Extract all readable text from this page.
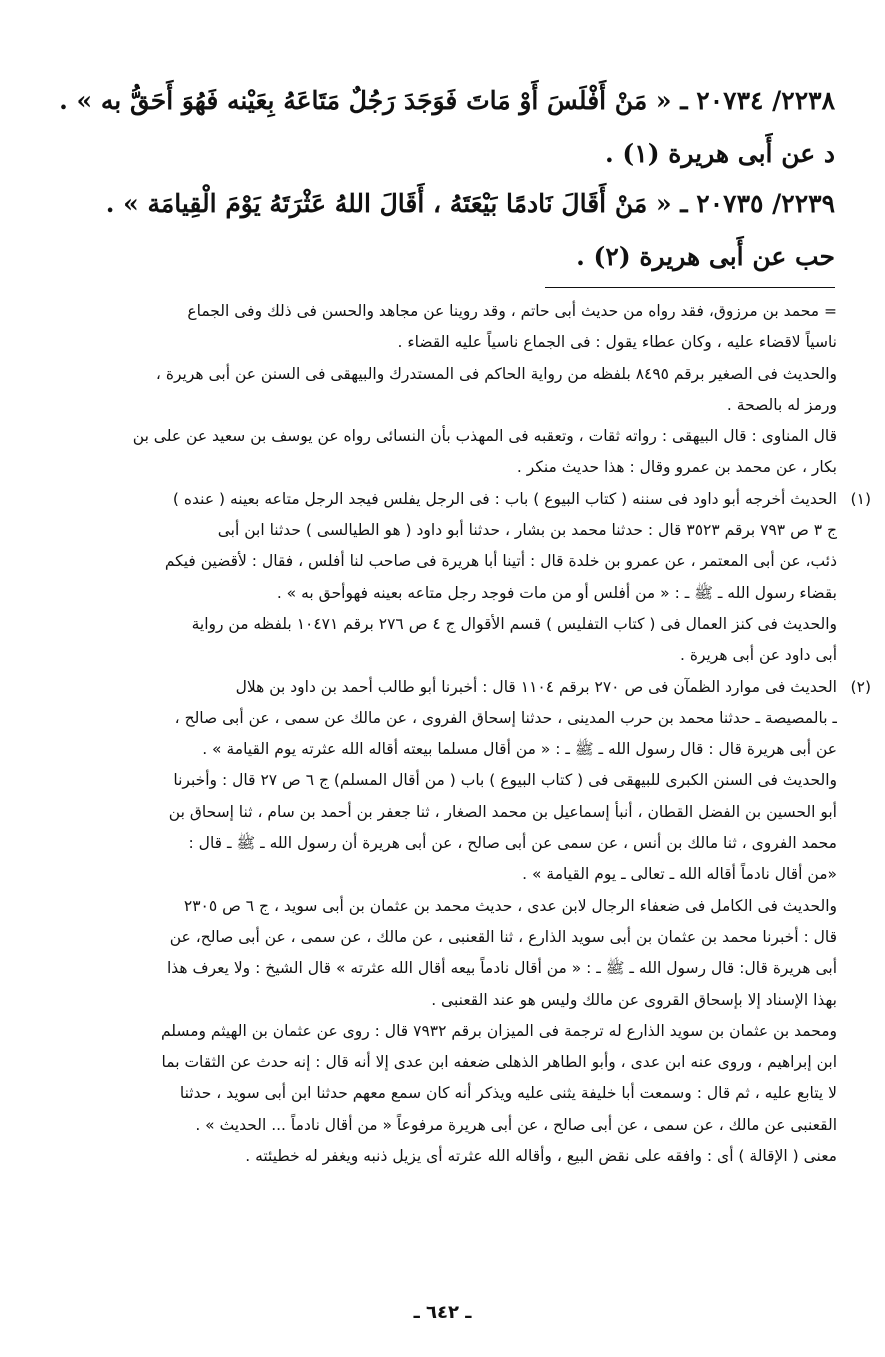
٢٢٣٨/ ٢٠٧٣٤ ـ « مَنْ أَفْلَسَ أَوْ مَاتَ فَوَجَدَ رَجُلٌ مَتَاعَهُ بِعَيْنه فَهُوَ أَحَقُّ به » .
د عن أَبى هريرة (١) .
٢٢٣٩/ ٢٠٧٣٥ ـ « مَنْ أَقَالَ نَادمًا بَيْعَتَهُ ، أَقَالَ اللهُ عَثْرَتَهُ يَوْمَ الْقِيامَة » .
حب عن أَبى هريرة (٢) .
= محمد بن مرزوق، فقد رواه من حديث أبى حاتم ، وقد روينا عن مجاهد والحسن فى ذلك وفى الجماع
ناسياً لاقضاء عليه ، وكان عطاء يقول : فى الجماع ناسياً عليه القضاء .
والحديث فى الصغير برقم ٨٤٩٥ بلفظه من رواية الحاكم فى المستدرك والبيهقى فى السنن عن أبى هريرة ،
ورمز له بالصحة .
قال المناوى : قال البيهقى : رواته ثقات ، وتعقبه فى المهذب بأن النسائى رواه عن يوسف بن سعيد عن على بن
بكار ، عن محمد بن عمرو وقال : هذا حديث منكر .
(١)
الحديث أخرجه أبو داود فى سننه ( كتاب البيوع ) باب : فى الرجل يفلس فيجد الرجل متاعه بعينه ( عنده )
ج ٣ ص ٧٩٣ برقم ٣٥٢٣ قال : حدثنا محمد بن بشار ، حدثنا أبو داود ( هو الطيالسى ) حدثنا ابن أبى
ذئب، عن أبى المعتمر ، عن عمرو بن خلدة قال : أتينا أبا هريرة فى صاحب لنا أفلس ، فقال : لأقضين فيكم
بقضاء رسول الله ـ ﷺ ـ : « من أفلس أو من مات فوجد رجل متاعه بعينه فهوأحق به » .
والحديث فى كنز العمال فى ( كتاب التفليس ) قسم الأقوال ج ٤ ص ٢٧٦ برقم ١٠٤٧١ بلفظه من رواية
أبى داود عن أبى هريرة .
(٢)
الحديث فى موارد الظمآن فى ص ٢٧٠ برقم ١١٠٤ قال : أخبرنا أبو طالب أحمد بن داود بن هلال
ـ بالمصيصة ـ حدثنا محمد بن حرب المدينى ، حدثنا إسحاق الفروى ، عن مالك عن سمى ، عن أبى صالح ،
عن أبى هريرة قال : قال رسول الله ـ ﷺ ـ : « من أقال مسلما بيعته أقاله الله عثرته يوم القيامة » .
والحديث فى السنن الكبرى للبيهقى فى ( كتاب البيوع ) باب ( من أقال المسلم) ج ٦ ص ٢٧ قال : وأخبرنا
أبو الحسين بن الفضل القطان ، أنبأ إسماعيل بن محمد الصغار ، ثنا جعفر بن أحمد بن سام ، ثنا إسحاق بن
محمد الفروى ، ثنا مالك بن أنس ، عن سمى عن أبى صالح ، عن أبى هريرة أن رسول الله ـ ﷺ ـ قال :
«من أقال نادماً أقاله الله ـ تعالى ـ يوم القيامة » .
والحديث فى الكامل فى ضعفاء الرجال لابن عدى ، حديث محمد بن عثمان بن أبى سويد ، ج ٦ ص ٢٣٠٥
قال : أخبرنا محمد بن عثمان بن أبى سويد الذارع ، ثنا القعنبى ، عن مالك ، عن سمى ، عن أبى صالح، عن
أبى هريرة قال: قال رسول الله ـ ﷺ ـ : « من أقال نادماً بيعه أقال الله عثرته » قال الشيخ : ولا يعرف هذا
بهذا الإسناد إلا بإسحاق القروى عن مالك وليس هو عند القعنبى .
ومحمد بن عثمان بن سويد الذارع له ترجمة فى الميزان برقم ٧٩٣٢ قال : روى عن عثمان بن الهيثم ومسلم
ابن إبراهيم ، وروى عنه ابن عدى ، وأبو الطاهر الذهلى ضعفه ابن عدى إلا أنه قال : إنه حدث عن الثقات بما
لا يتابع عليه ، ثم قال : وسمعت أبا خليفة يثنى عليه ويذكر أنه كان سمع معهم حدثنا ابن أبى سويد ، حدثنا
القعنبى عن مالك ، عن سمى ، عن أبى صالح ، عن أبى هريرة مرفوعاً « من أقال نادماً ... الحديث » .
معنى ( الإقالة ) أى : وافقه على نقض البيع ، وأقاله الله عثرته أى يزيل ذنبه ويغفر له خطيئته .
ـ ٦٤٢ ـ
